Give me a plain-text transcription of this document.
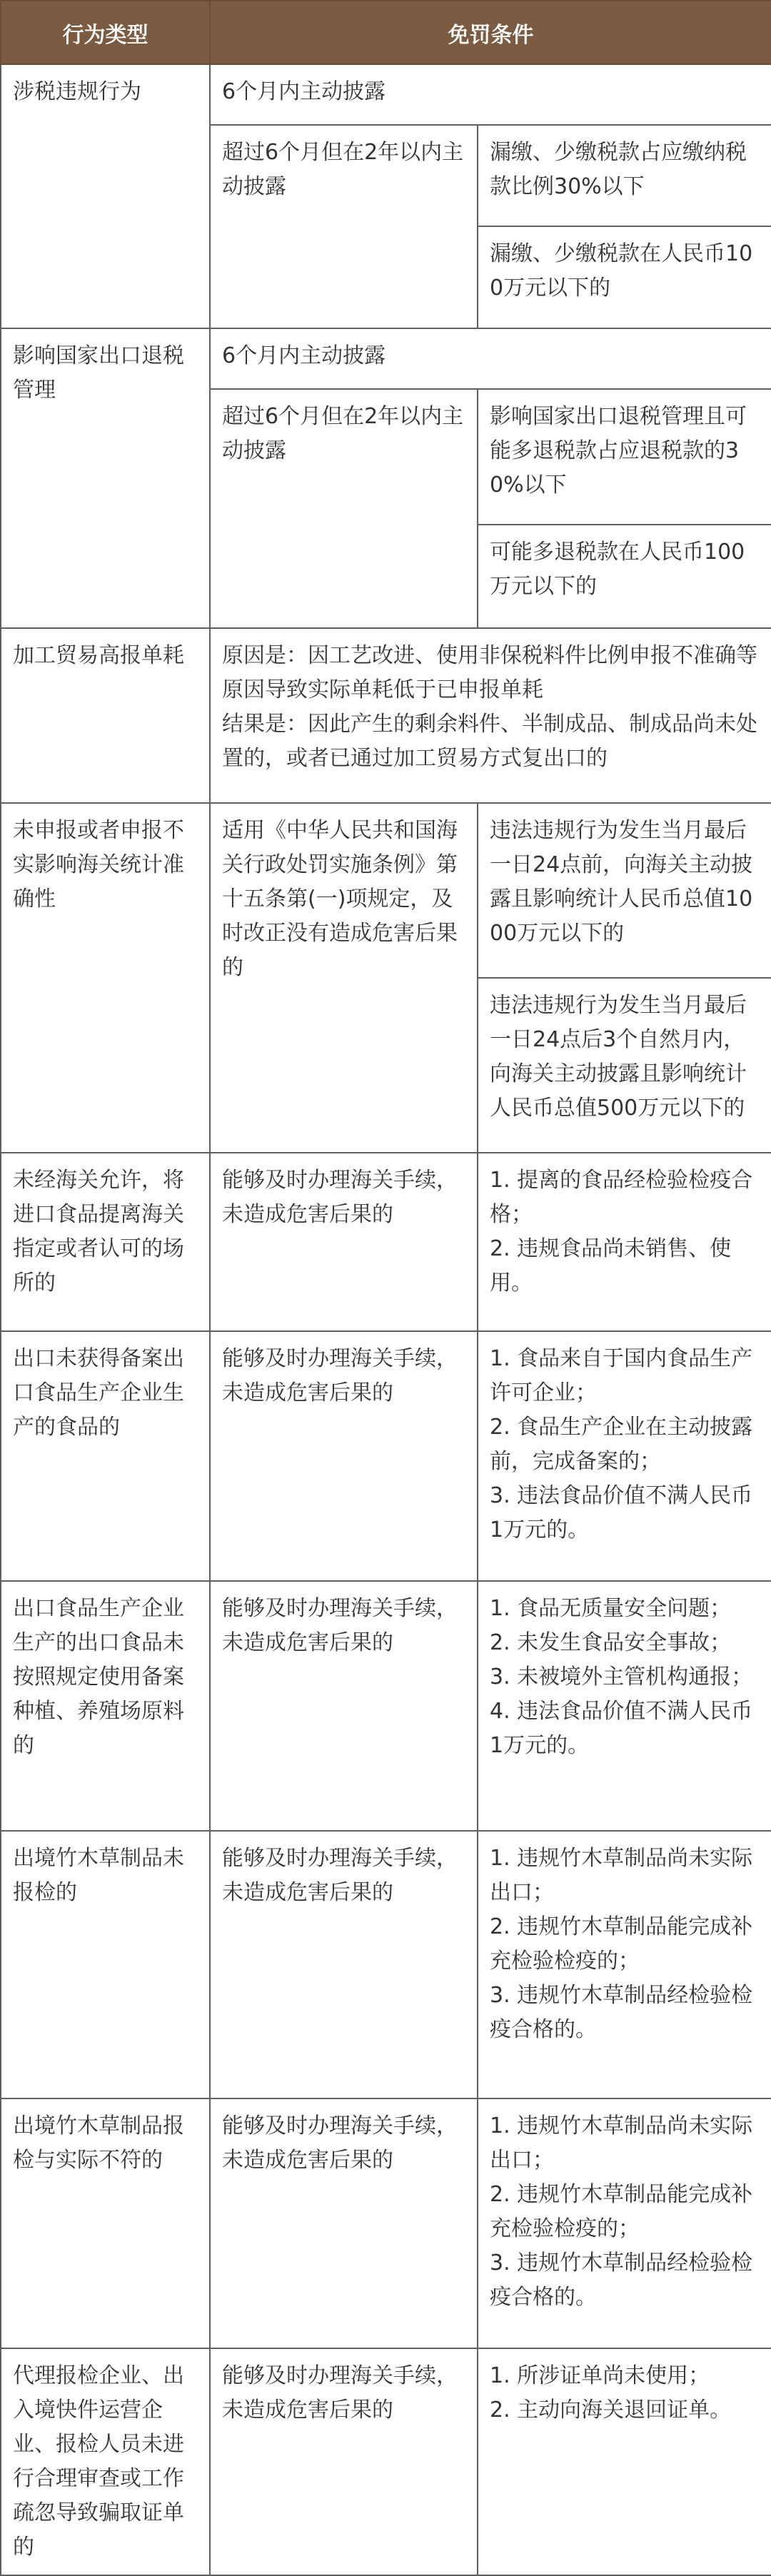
行为类型	免罚条件	
涉税违规行为	6个月内主动披露	
	超过6个月但在2年以内主动披露	漏缴、少缴税款占应缴纳税款比例30%以下
		漏缴、少缴税款在人民币100万元以下的
影响国家出口退税管理	6个月内主动披露	
	超过6个月但在2年以内主动披露	影响国家出口退税管理且可能多退税款占应退税款的30%以下
		可能多退税款在人民币100万元以下的
加工贸易高报单耗	原因是：因工艺改进、使用非保税料件比例申报不准确等原因导致实际单耗低于已申报单耗
结果是：因此产生的剩余料件、半制成品、制成品尚未处置的，或者已通过加工贸易方式复出口的	

未申报或者申报不实影响海关统计准确性	适用《中华人民共和国海关行政处罚实施条例》第十五条第(一)项规定，及时改正没有造成危害后果的	违法违规行为发生当月最后一日24点前，向海关主动披露且影响统计人民币总值1000万元以下的
		违法违规行为发生当月最后一日24点后3个自然月内，向海关主动披露且影响统计人民币总值500万元以下的
未经海关允许，将进口食品提离海关指定或者认可的场所的	能够及时办理海关手续，未造成危害后果的	1. 提离的食品经检验检疫合格；
2. 违规食品尚未销售、使用。

出口未获得备案出口食品生产企业生产的食品的	能够及时办理海关手续，未造成危害后果的	1. 食品来自于国内食品生产许可企业；
2. 食品生产企业在主动披露前，完成备案的；
3. 违法食品价值不满人民币1万元的。

出口食品生产企业生产的出口食品未按照规定使用备案种植、养殖场原料的	能够及时办理海关手续，未造成危害后果的	1. 食品无质量安全问题；
2. 未发生食品安全事故；
3. 未被境外主管机构通报；
4. 违法食品价值不满人民币1万元的。

出境竹木草制品未报检的	能够及时办理海关手续，未造成危害后果的	1. 违规竹木草制品尚未实际出口；
2. 违规竹木草制品能完成补充检验检疫的；
3. 违规竹木草制品经检验检疫合格的。

出境竹木草制品报检与实际不符的	能够及时办理海关手续，未造成危害后果的	1. 违规竹木草制品尚未实际出口；
2. 违规竹木草制品能完成补充检验检疫的；
3. 违规竹木草制品经检验检疫合格的。

代理报检企业、出入境快件运营企业、报检人员未进行合理审查或工作疏忽导致骗取证单的	能够及时办理海关手续，未造成危害后果的	1. 所涉证单尚未使用；
2. 主动向海关退回证单。
